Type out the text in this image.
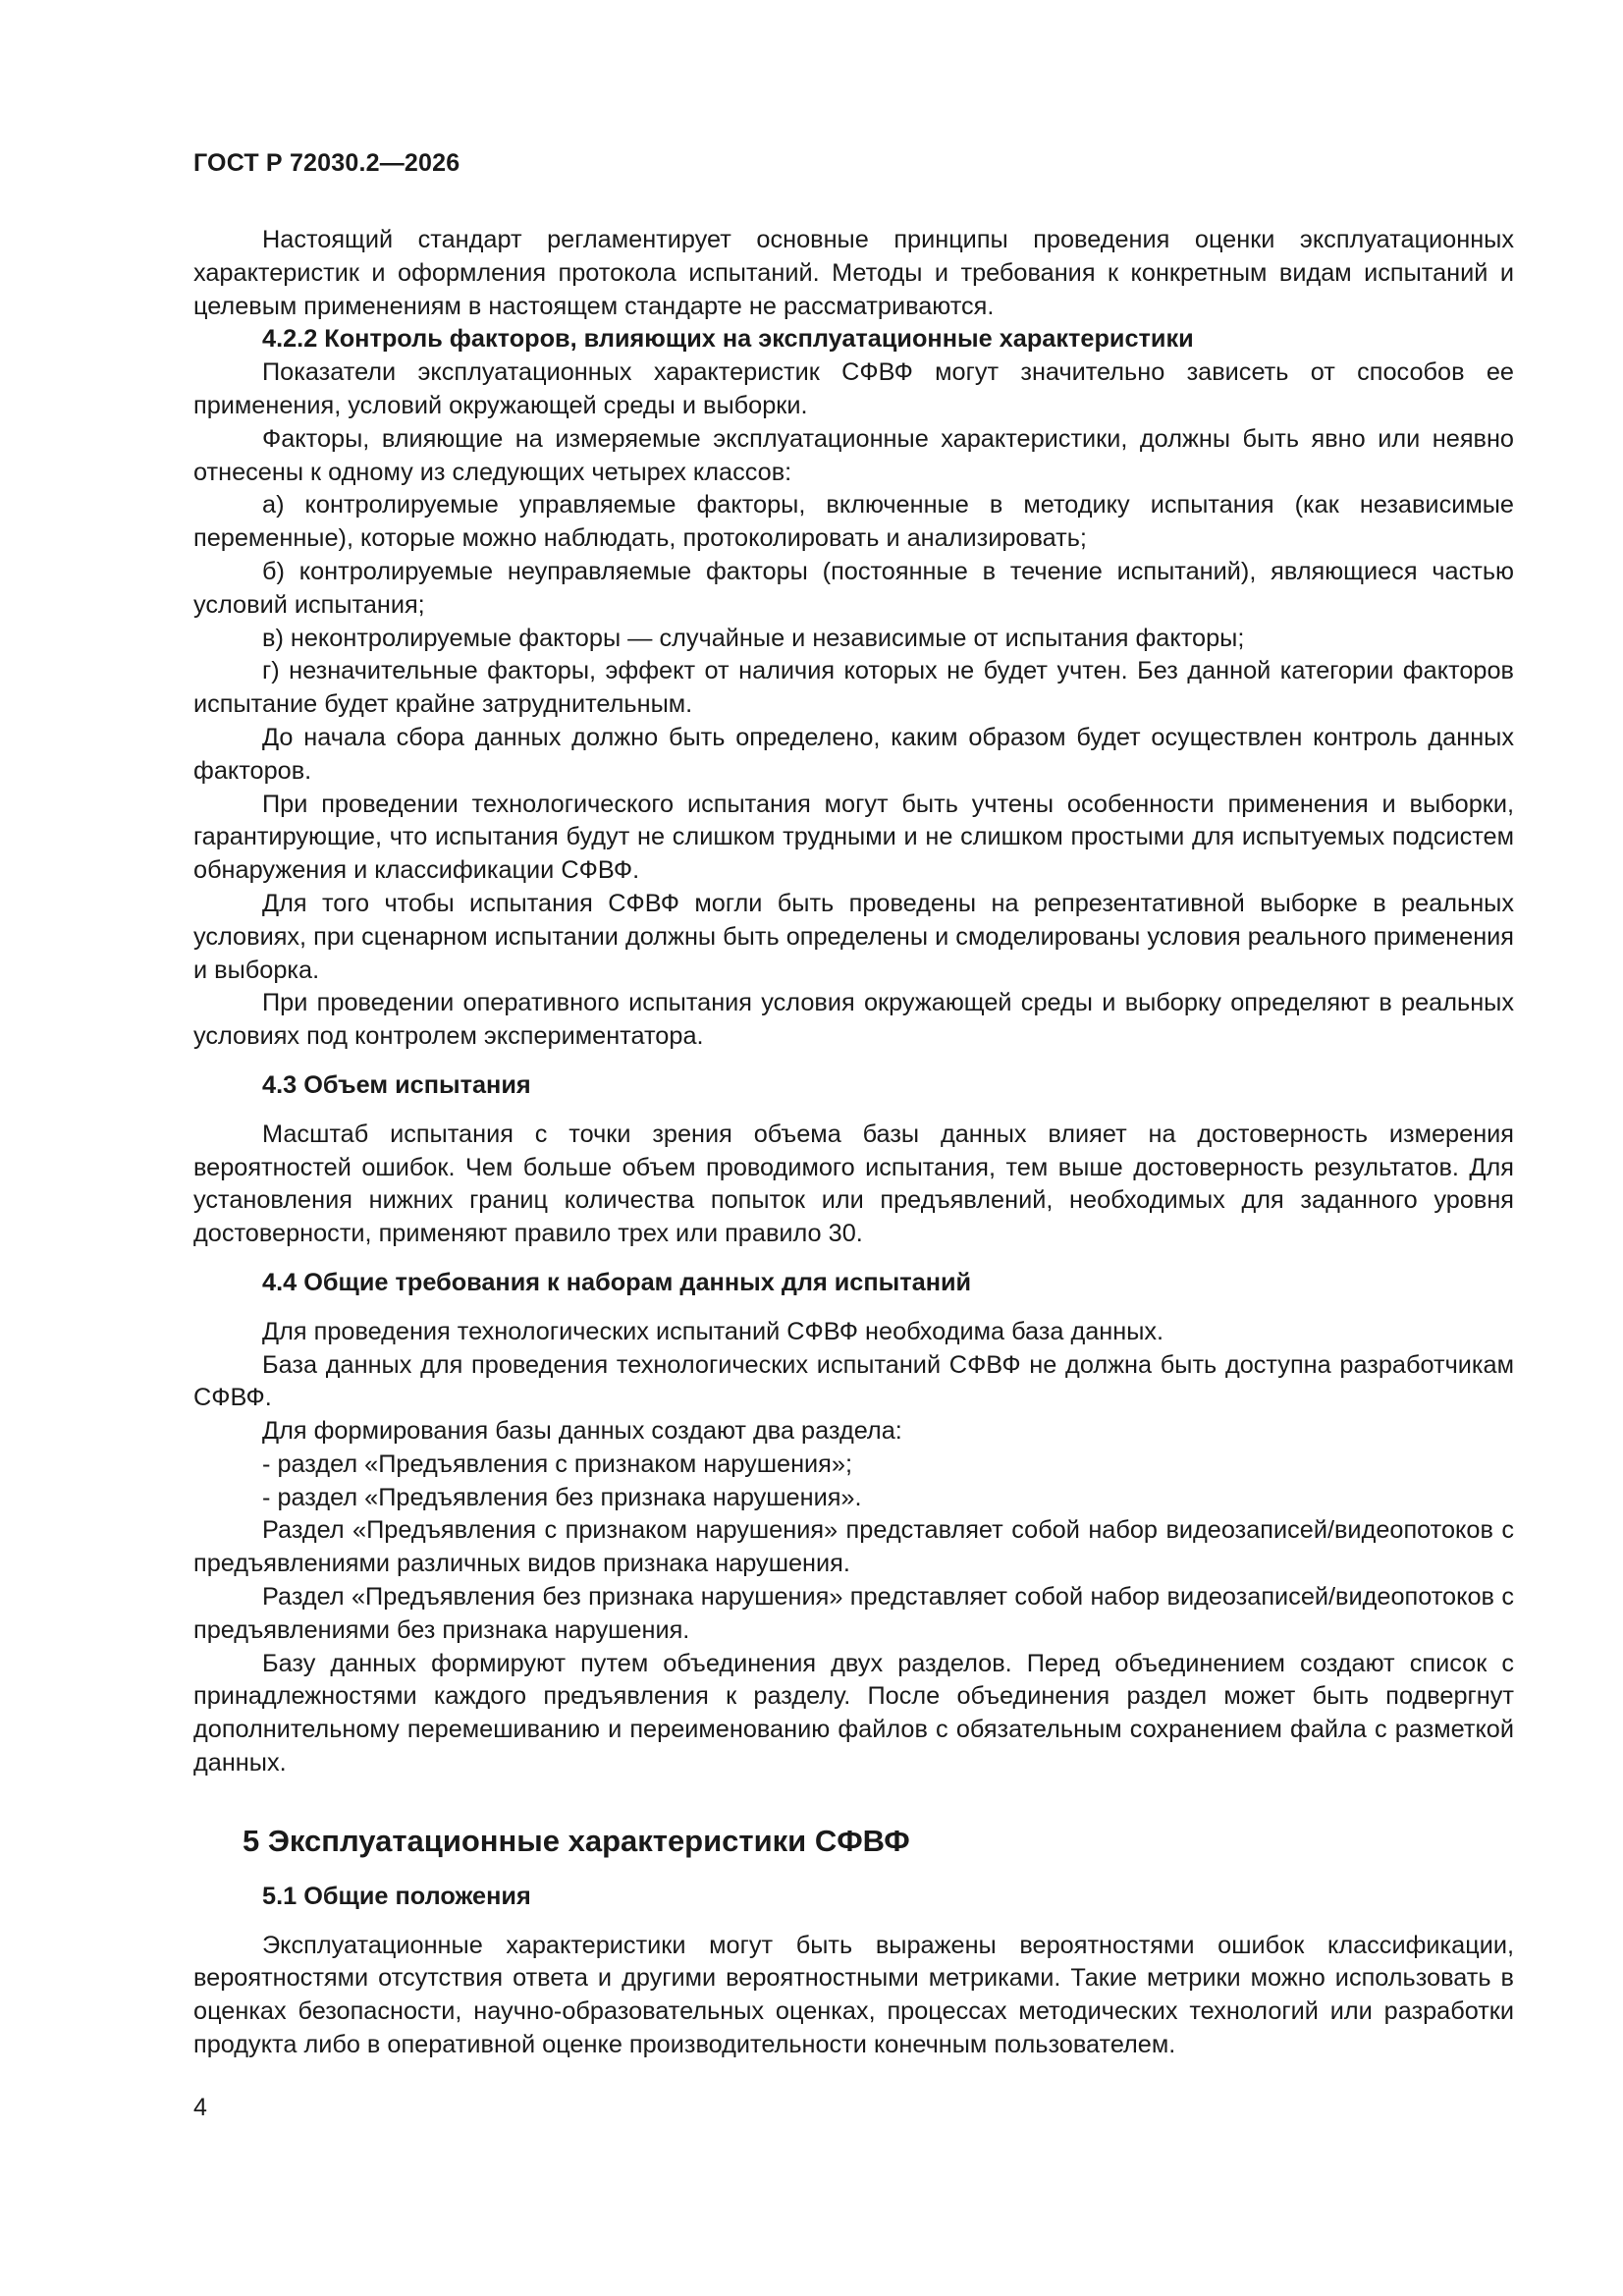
ГОСТ Р 72030.2—2026

Настоящий стандарт регламентирует основные принципы проведения оценки эксплуатационных характеристик и оформления протокола испытаний. Методы и требования к конкретным видам испытаний и целевым применениям в настоящем стандарте не рассматриваются.

4.2.2 Контроль факторов, влияющих на эксплуатационные характеристики

Показатели эксплуатационных характеристик СФВФ могут значительно зависеть от способов ее применения, условий окружающей среды и выборки.

Факторы, влияющие на измеряемые эксплуатационные характеристики, должны быть явно или неявно отнесены к одному из следующих четырех классов:

а) контролируемые управляемые факторы, включенные в методику испытания (как независимые переменные), которые можно наблюдать, протоколировать и анализировать;

б) контролируемые неуправляемые факторы (постоянные в течение испытаний), являющиеся частью условий испытания;

в) неконтролируемые факторы — случайные и независимые от испытания факторы;

г) незначительные факторы, эффект от наличия которых не будет учтен. Без данной категории факторов испытание будет крайне затруднительным.

До начала сбора данных должно быть определено, каким образом будет осуществлен контроль данных факторов.

При проведении технологического испытания могут быть учтены особенности применения и выборки, гарантирующие, что испытания будут не слишком трудными и не слишком простыми для испытуемых подсистем обнаружения и классификации СФВФ.

Для того чтобы испытания СФВФ могли быть проведены на репрезентативной выборке в реальных условиях, при сценарном испытании должны быть определены и смоделированы условия реального применения и выборка.

При проведении оперативного испытания условия окружающей среды и выборку определяют в реальных условиях под контролем экспериментатора.

4.3 Объем испытания

Масштаб испытания с точки зрения объема базы данных влияет на достоверность измерения вероятностей ошибок. Чем больше объем проводимого испытания, тем выше достоверность результатов. Для установления нижних границ количества попыток или предъявлений, необходимых для заданного уровня достоверности, применяют правило трех или правило 30.

4.4 Общие требования к наборам данных для испытаний

Для проведения технологических испытаний СФВФ необходима база данных.

База данных для проведения технологических испытаний СФВФ не должна быть доступна разработчикам СФВФ.

Для формирования базы данных создают два раздела:

- раздел «Предъявления с признаком нарушения»;

- раздел «Предъявления без признака нарушения».

Раздел «Предъявления с признаком нарушения» представляет собой набор видеозаписей/видеопотоков с предъявлениями различных видов признака нарушения.

Раздел «Предъявления без признака нарушения» представляет собой набор видеозаписей/видеопотоков с предъявлениями без признака нарушения.

Базу данных формируют путем объединения двух разделов. Перед объединением создают список с принадлежностями каждого предъявления к разделу. После объединения раздел может быть подвергнут дополнительному перемешиванию и переименованию файлов с обязательным сохранением файла с разметкой данных.

5 Эксплуатационные характеристики СФВФ
5.1 Общие положения

Эксплуатационные характеристики могут быть выражены вероятностями ошибок классификации, вероятностями отсутствия ответа и другими вероятностными метриками. Такие метрики можно использовать в оценках безопасности, научно-образовательных оценках, процессах методических технологий или разработки продукта либо в оперативной оценке производительности конечным пользователем.

4
